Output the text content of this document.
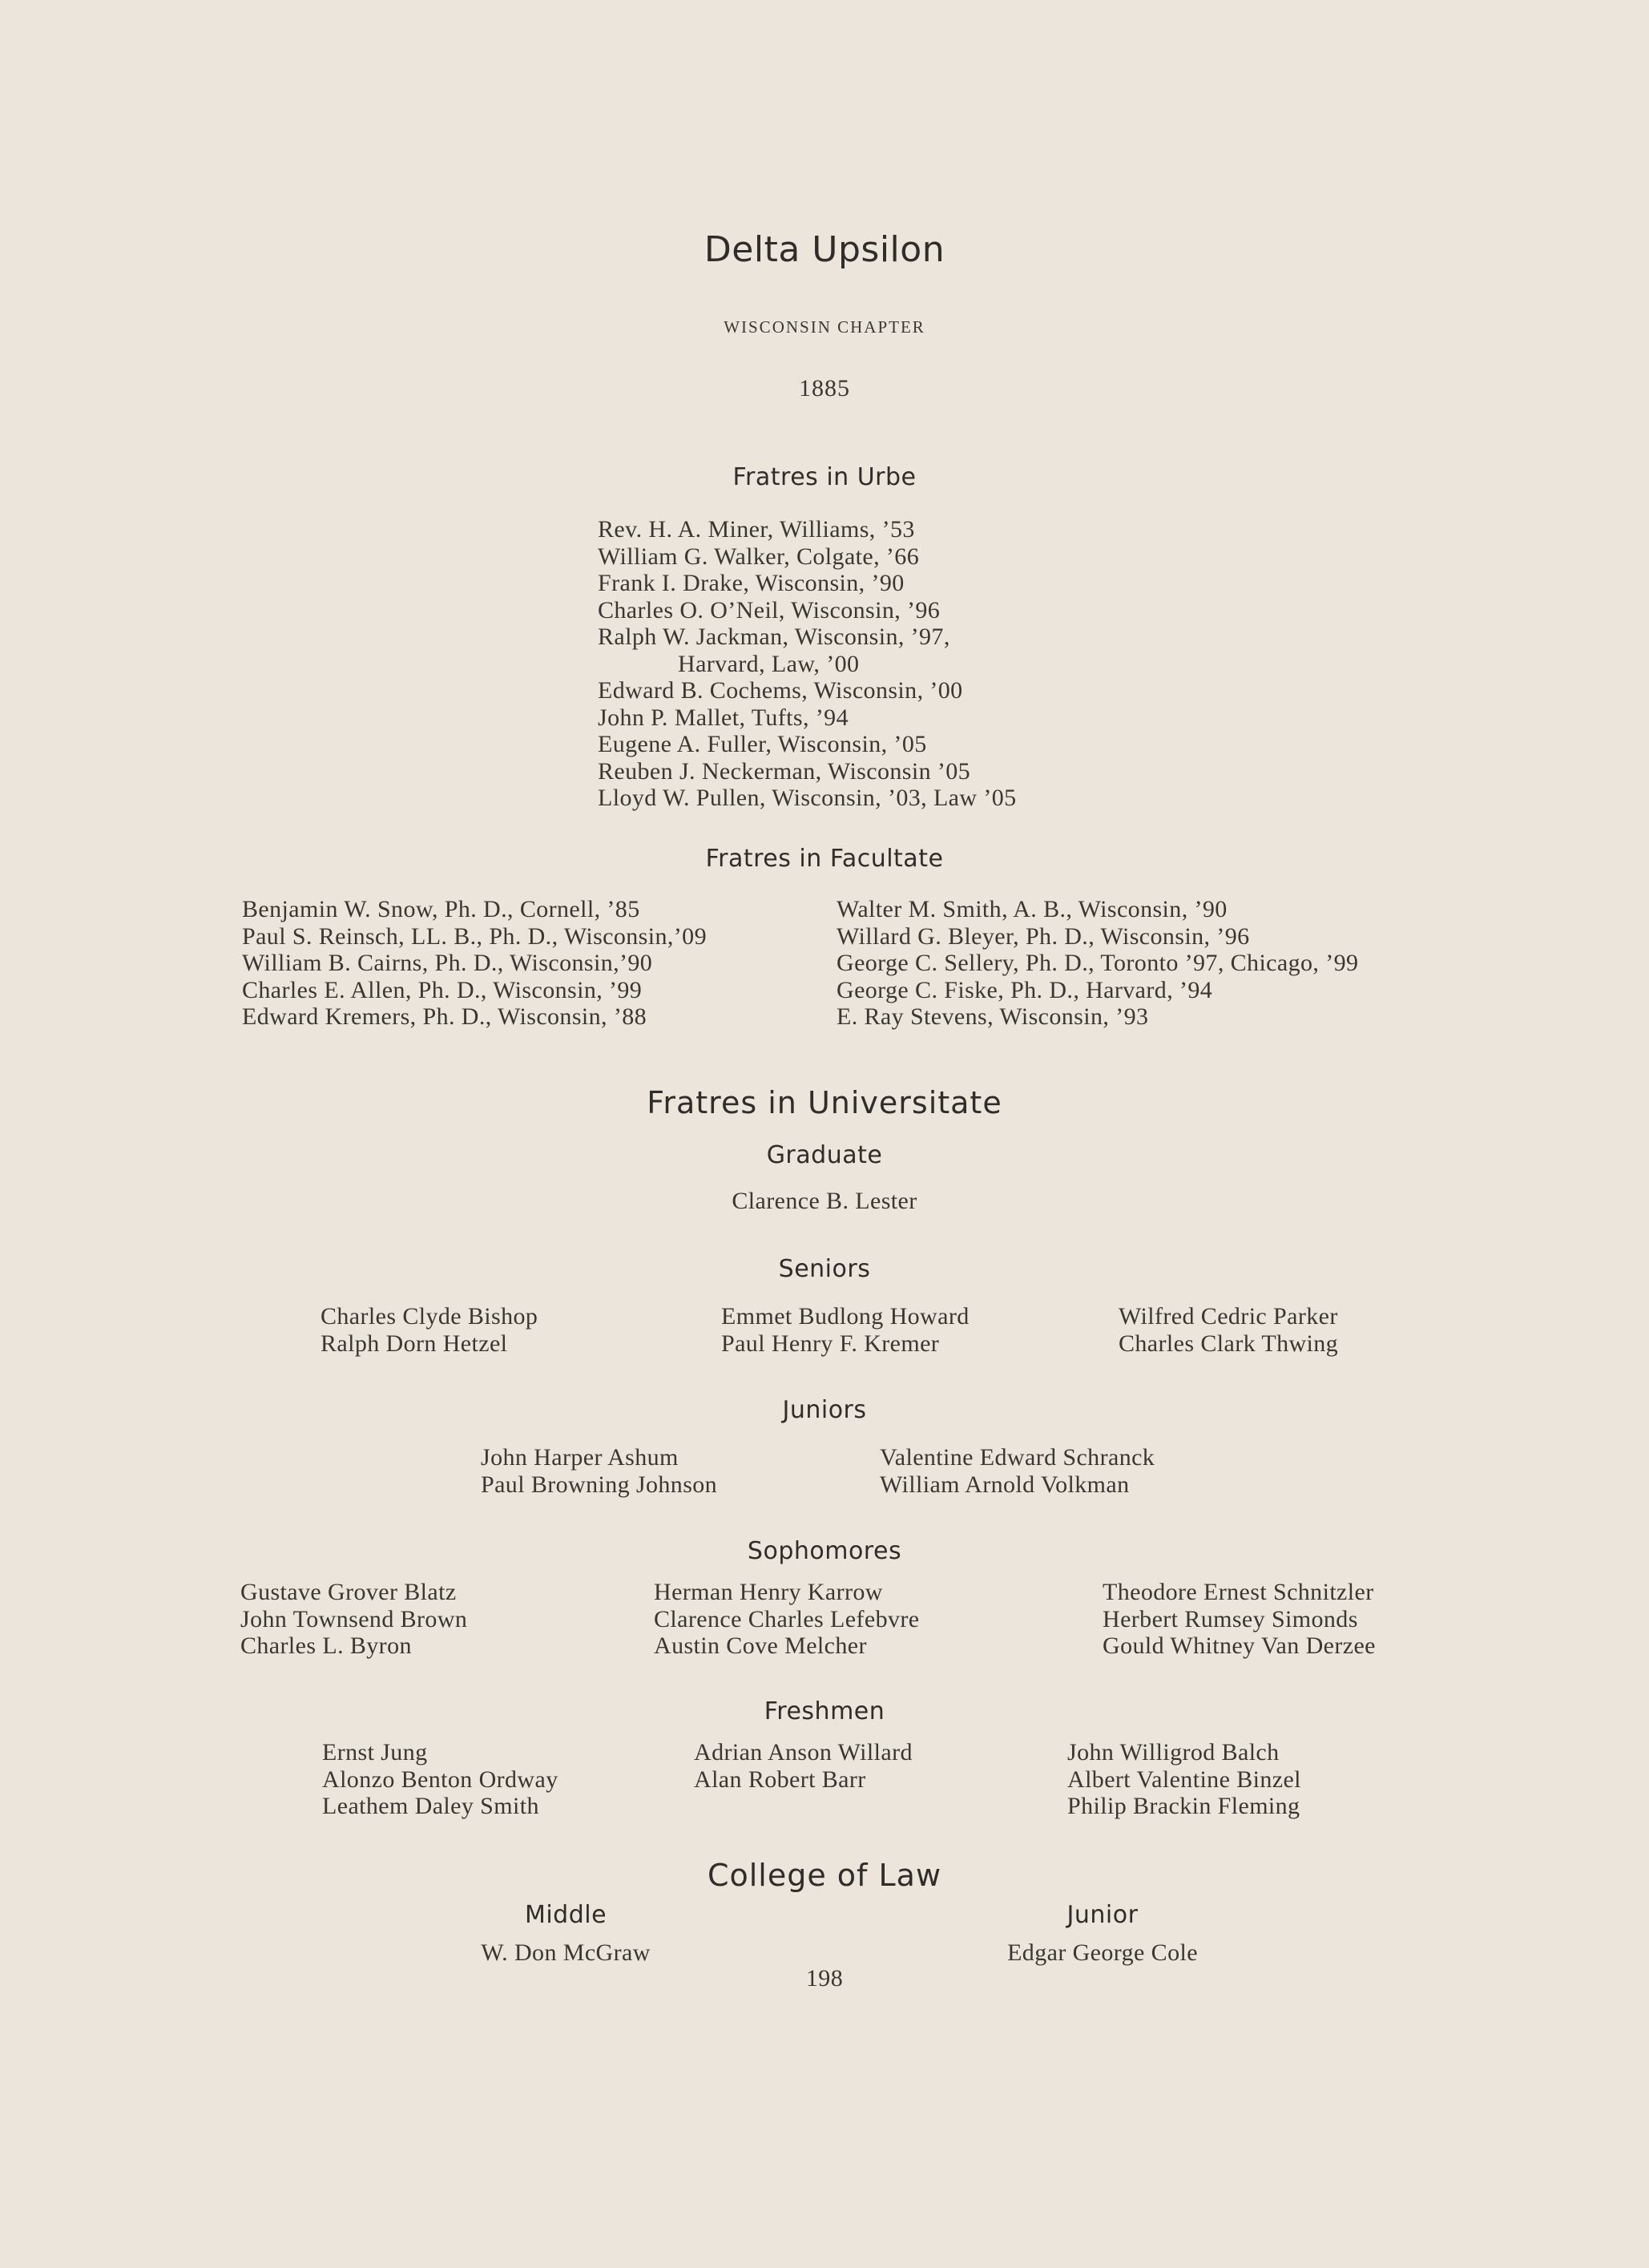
Delta Upsilon
WISCONSIN CHAPTER
1885
Fratres in Urbe
Rev. H. A. Miner, Williams, ’53
William G. Walker, Colgate, ’66
Frank I. Drake, Wisconsin, ’90
Charles O. O’Neil, Wisconsin, ’96
Ralph W. Jackman, Wisconsin, ’97,
Harvard, Law, ’00
Edward B. Cochems, Wisconsin, ’00
John P. Mallet, Tufts, ’94
Eugene A. Fuller, Wisconsin, ’05
Reuben J. Neckerman, Wisconsin ’05
Lloyd W. Pullen, Wisconsin, ’03, Law ’05
Fratres in Facultate
Benjamin W. Snow, Ph. D., Cornell, ’85
Paul S. Reinsch, LL. B., Ph. D., Wisconsin,’09
William B. Cairns, Ph. D., Wisconsin,’90
Charles E. Allen, Ph. D., Wisconsin, ’99
Edward Kremers, Ph. D., Wisconsin, ’88
Walter M. Smith, A. B., Wisconsin, ’90
Willard G. Bleyer, Ph. D., Wisconsin, ’96
George C. Sellery, Ph. D., Toronto ’97, Chicago, ’99
George C. Fiske, Ph. D., Harvard, ’94
E. Ray Stevens, Wisconsin, ’93
Fratres in Universitate
Graduate
Clarence B. Lester
Seniors
Charles Clyde Bishop
Ralph Dorn Hetzel
Emmet Budlong Howard
Paul Henry F. Kremer
Wilfred Cedric Parker
Charles Clark Thwing
Juniors
John Harper Ashum
Paul Browning Johnson
Valentine Edward Schranck
William Arnold Volkman
Sophomores
Gustave Grover Blatz
John Townsend Brown
Charles L. Byron
Herman Henry Karrow
Clarence Charles Lefebvre
Austin Cove Melcher
Theodore Ernest Schnitzler
Herbert Rumsey Simonds
Gould Whitney Van Derzee
Freshmen
Ernst Jung
Alonzo Benton Ordway
Leathem Daley Smith
Adrian Anson Willard
Alan Robert Barr
John Willigrod Balch
Albert Valentine Binzel
Philip Brackin Fleming
College of Law
Middle
W. Don McGraw
Junior
Edgar George Cole
198
